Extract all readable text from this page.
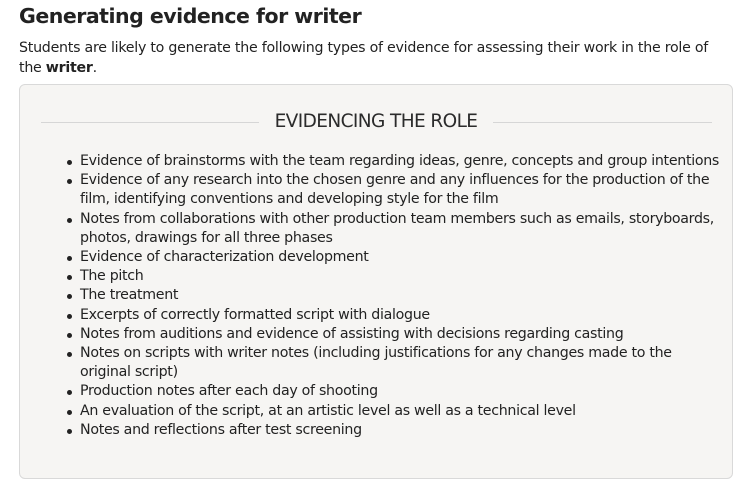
Generating evidence for writer

Students are likely to generate the following types of evidence for assessing their work in the role of the writer.

EVIDENCING THE ROLE
Evidence of brainstorms with the team regarding ideas, genre, concepts and group intentions
Evidence of any research into the chosen genre and any influences for the production of the film, identifying conventions and developing style for the film
Notes from collaborations with other production team members such as emails, storyboards, photos, drawings for all three phases
Evidence of characterization development
The pitch
The treatment
Excerpts of correctly formatted script with dialogue
Notes from auditions and evidence of assisting with decisions regarding casting
Notes on scripts with writer notes (including justifications for any changes made to the original script)
Production notes after each day of shooting
An evaluation of the script, at an artistic level as well as a technical level
Notes and reflections after test screening
